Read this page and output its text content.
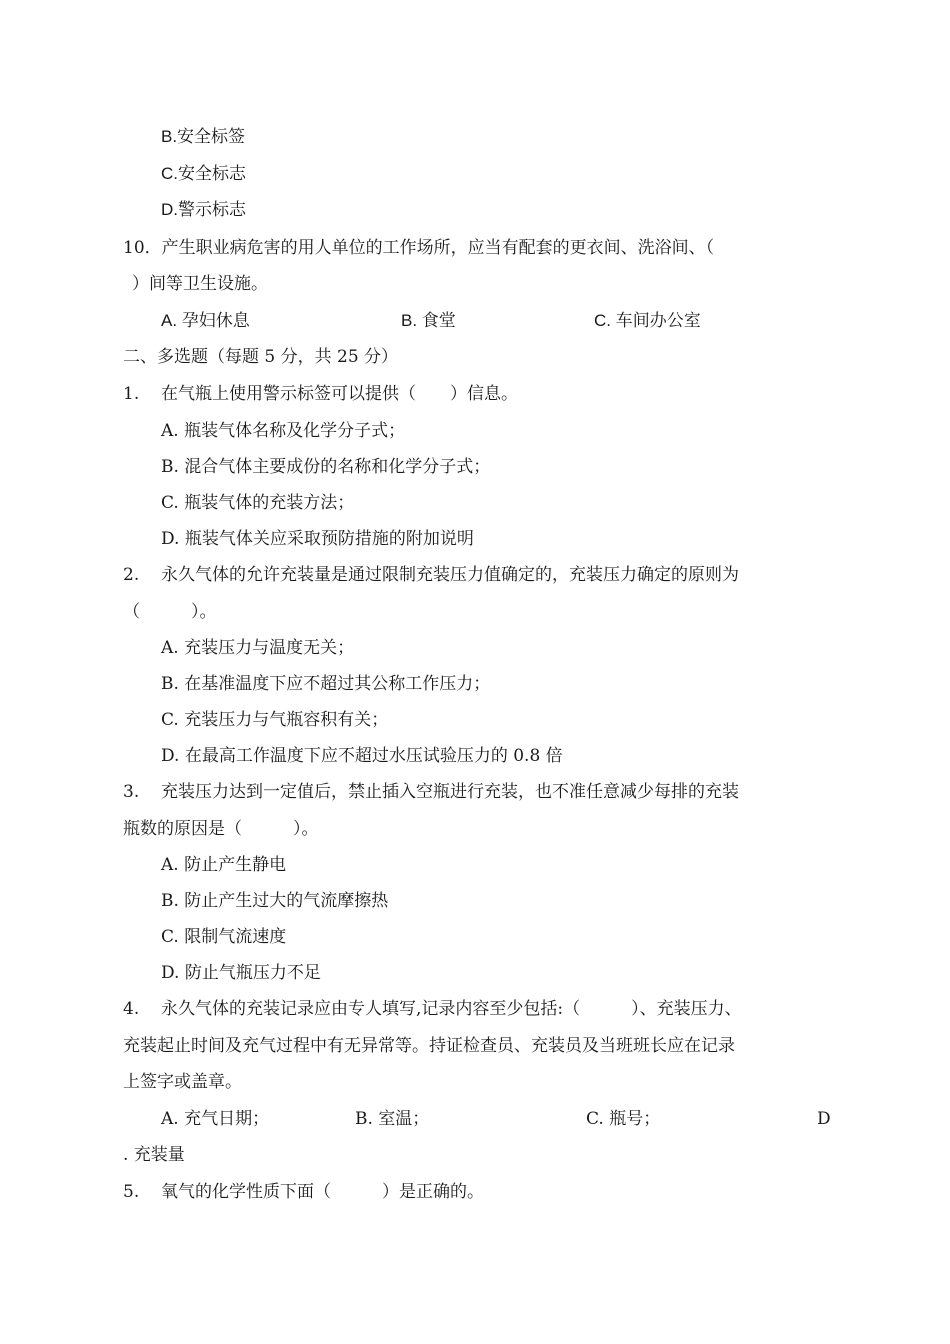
B.安全标签
C.安全标志
D.警示标志
10．产生职业病危害的用人单位的工作场所，应当有配套的更衣间、洗浴间、（
）间等卫生设施。
A. 孕妇休息	B. 食堂	C. 车间办公室
二、多选题（每题 5 分，共 25 分）
1. 在气瓶上使用警示标签可以提供（　　）信息。
A. 瓶装气体名称及化学分子式；
B. 混合气体主要成份的名称和化学分子式；
C. 瓶装气体的充装方法；
D. 瓶装气体关应采取预防措施的附加说明
2. 永久气体的允许充装量是通过限制充装压力值确定的，充装压力确定的原则为
（　　　）。
A. 充装压力与温度无关；
B. 在基准温度下应不超过其公称工作压力；
C. 充装压力与气瓶容积有关；
D. 在最高工作温度下应不超过水压试验压力的 0.8 倍
3. 充装压力达到一定值后，禁止插入空瓶进行充装，也不准任意减少每排的充装
瓶数的原因是（　　　）。
A. 防止产生静电
B. 防止产生过大的气流摩擦热
C. 限制气流速度
D. 防止气瓶压力不足
4. 永久气体的充装记录应由专人填写,记录内容至少包括:（　　　）、充装压力、
充装起止时间及充气过程中有无异常等。持证检查员、充装员及当班班长应在记录
上签字或盖章。
A. 充气日期；	B. 室温；	C. 瓶号；	D
. 充装量
5. 氧气的化学性质下面（　　　）是正确的。
